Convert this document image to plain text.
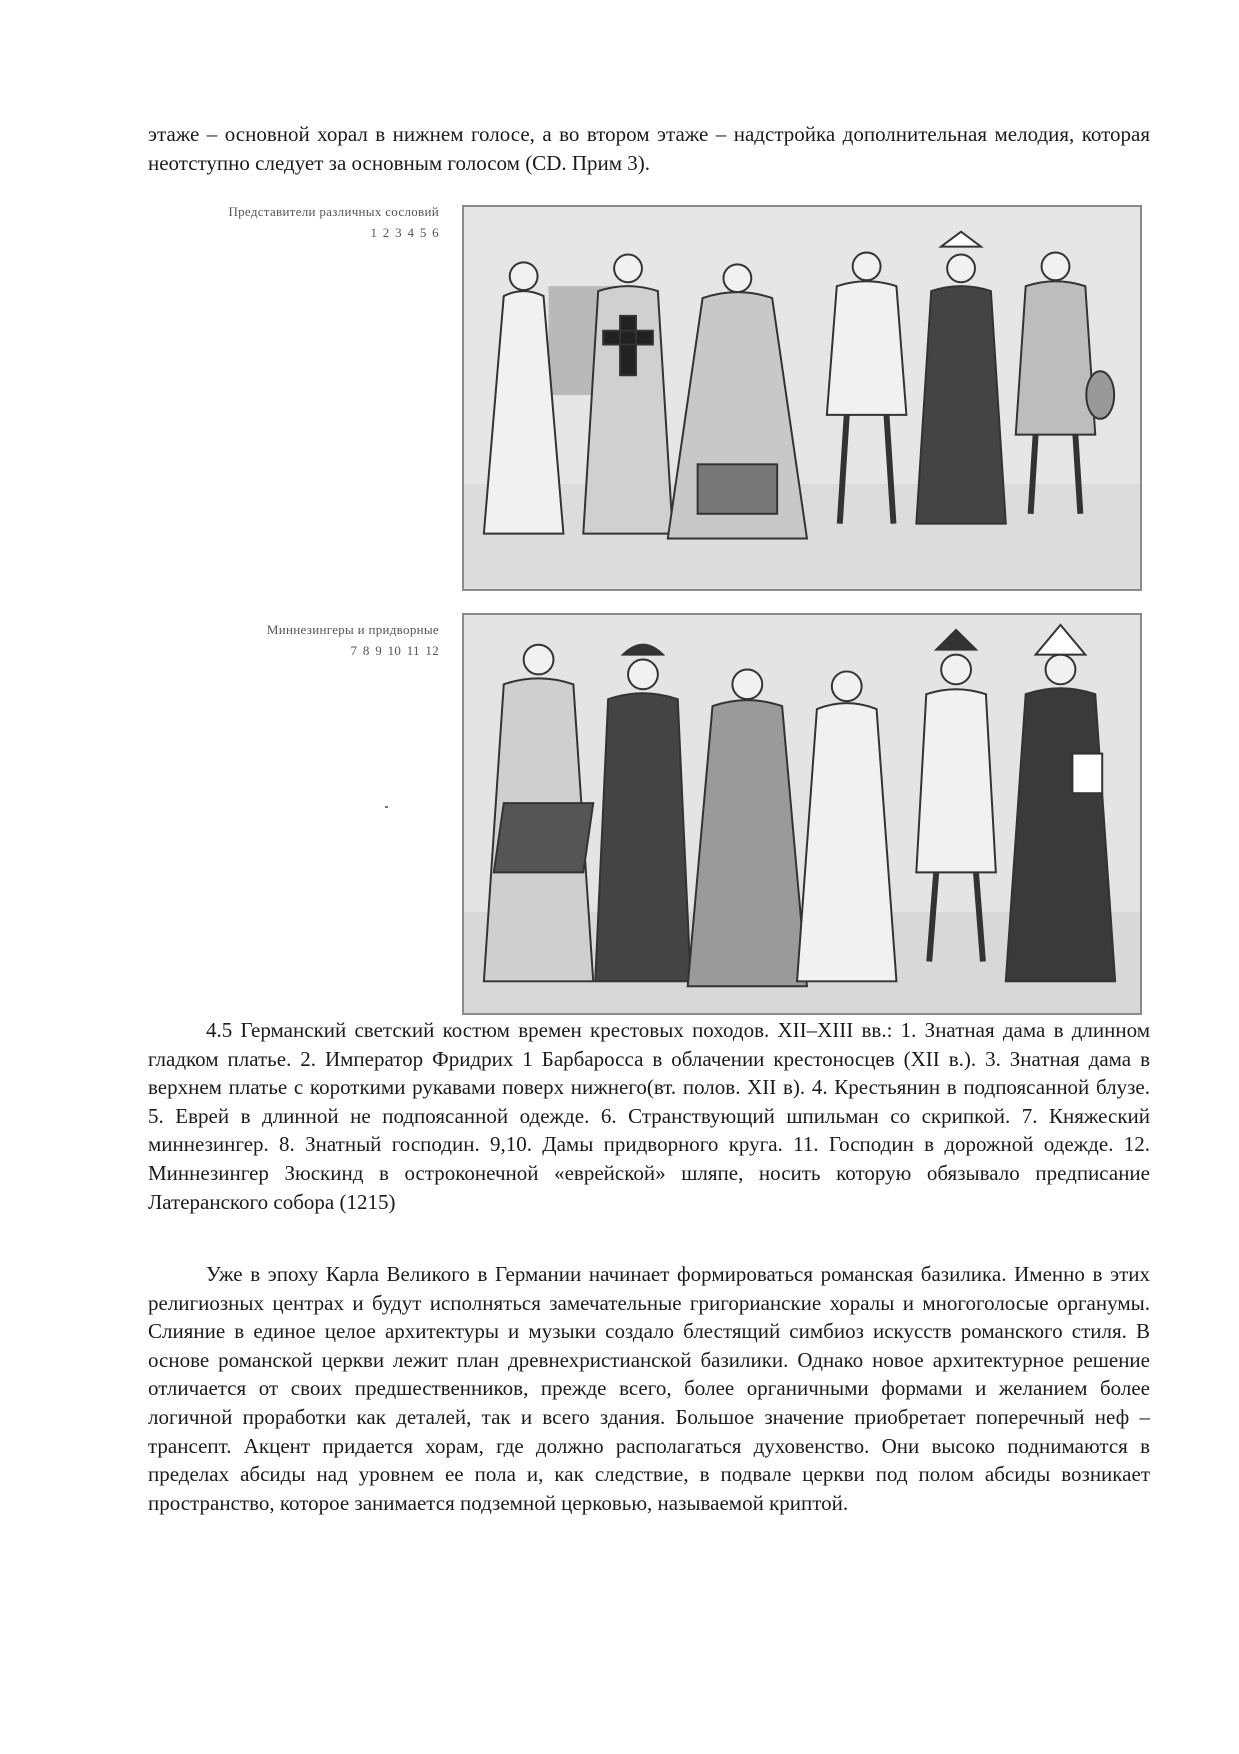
этаже – основной хорал в нижнем голосе, а во втором этаже – надстройка дополнительная мелодия, которая неотступно следует за основным голосом (CD. Прим 3).

Представители различных сословий
1 2 3 4 5 6
Миннезингеры и придворные
7 8 9 10 11 12

4.5 Германский светский костюм времен крестовых походов. XII–XIII вв.: 1. Знатная дама в длинном гладком платье. 2. Император Фридрих 1 Барбаросса в облачении крестоносцев (XII в.). 3. Знатная дама в верхнем платье с короткими рукавами поверх нижнего(вт. полов. XII в). 4. Крестьянин в подпоясанной блузе. 5. Еврей в длинной не подпоясанной одежде. 6. Странствующий шпильман со скрипкой. 7. Княжеский миннезингер. 8. Знатный господин. 9,10. Дамы придворного круга. 11. Господин в дорожной одежде. 12. Миннезингер Зюскинд в остроконечной «еврейской» шляпе, носить которую обязывало предписание Латеранского собора (1215)

Уже в эпоху Карла Великого в Германии начинает формироваться романская базилика. Именно в этих религиозных центрах и будут исполняться замечательные григорианские хоралы и многоголосые органумы. Слияние в единое целое архитектуры и музыки создало блестящий симбиоз искусств романского стиля. В основе романской церкви лежит план древнехристианской базилики. Однако новое архитектурное решение отличается от своих предшественников, прежде всего, более органичными формами и желанием более логичной проработки как деталей, так и всего здания. Большое значение приобретает поперечный неф – трансепт. Акцент придается хорам, где должно располагаться духовенство. Они высоко поднимаются в пределах абсиды над уровнем ее пола и, как следствие, в подвале церкви под полом абсиды возникает пространство, которое занимается подземной церковью, называемой криптой.
